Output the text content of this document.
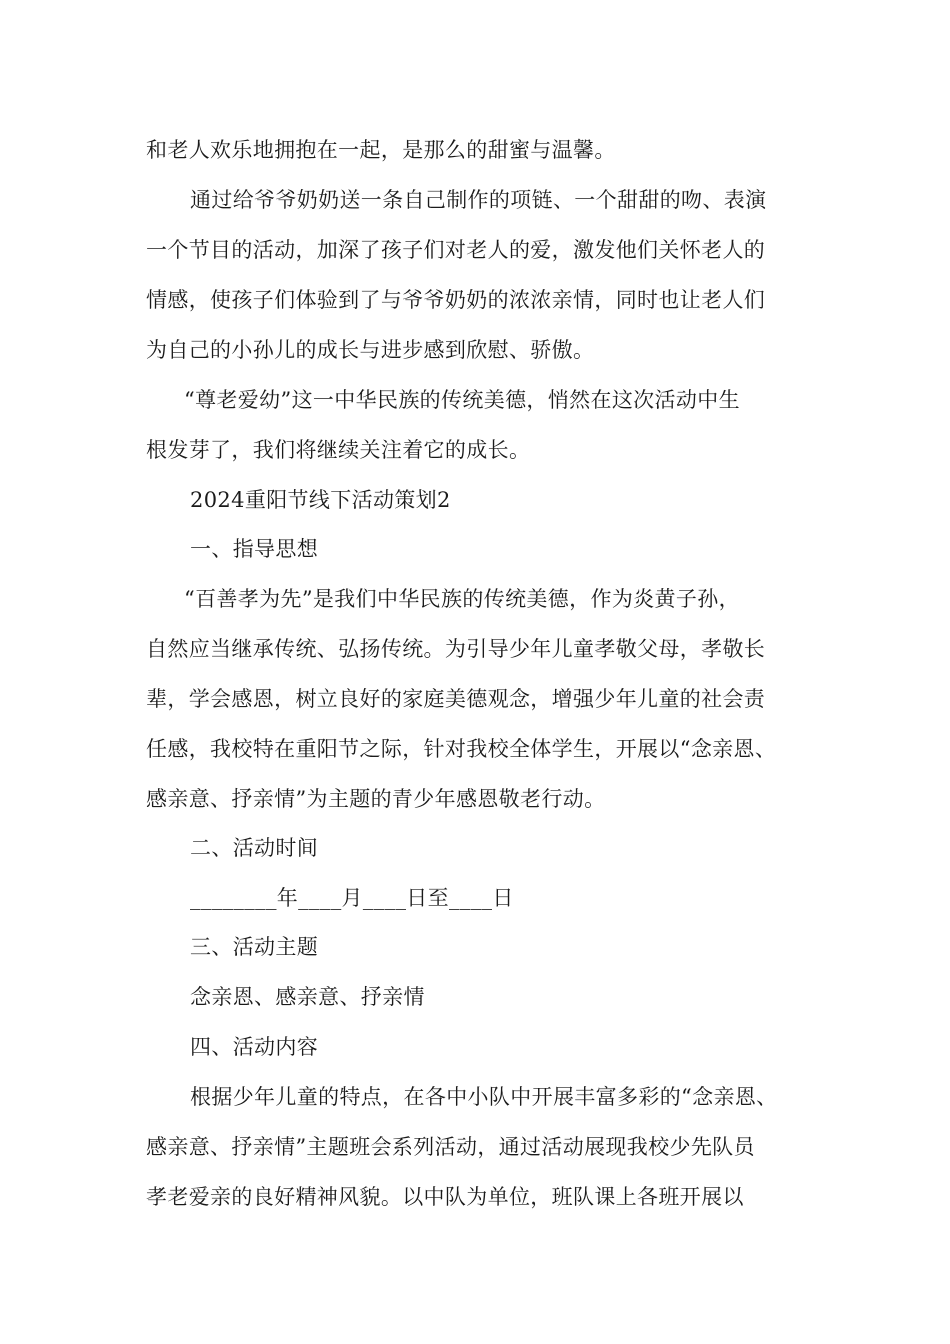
和老人欢乐地拥抱在一起，是那么的甜蜜与温馨。
通过给爷爷奶奶送一条自己制作的项链、一个甜甜的吻、表演
一个节目的活动，加深了孩子们对老人的爱，激发他们关怀老人的
情感，使孩子们体验到了与爷爷奶奶的浓浓亲情，同时也让老人们
为自己的小孙儿的成长与进步感到欣慰、骄傲。
“尊老爱幼”这一中华民族的传统美德，悄然在这次活动中生
根发芽了，我们将继续关注着它的成长。
2024重阳节线下活动策划2
一、指导思想
“百善孝为先”是我们中华民族的传统美德，作为炎黄子孙，
自然应当继承传统、弘扬传统。为引导少年儿童孝敬父母，孝敬长
辈，学会感恩，树立良好的家庭美德观念，增强少年儿童的社会责
任感，我校特在重阳节之际，针对我校全体学生，开展以“念亲恩、
感亲意、抒亲情”为主题的青少年感恩敬老行动。
二、活动时间
________年____月____日至____日
三、活动主题
念亲恩、感亲意、抒亲情
四、活动内容
根据少年儿童的特点，在各中小队中开展丰富多彩的“念亲恩、
感亲意、抒亲情”主题班会系列活动，通过活动展现我校少先队员
孝老爱亲的良好精神风貌。以中队为单位，班队课上各班开展以
